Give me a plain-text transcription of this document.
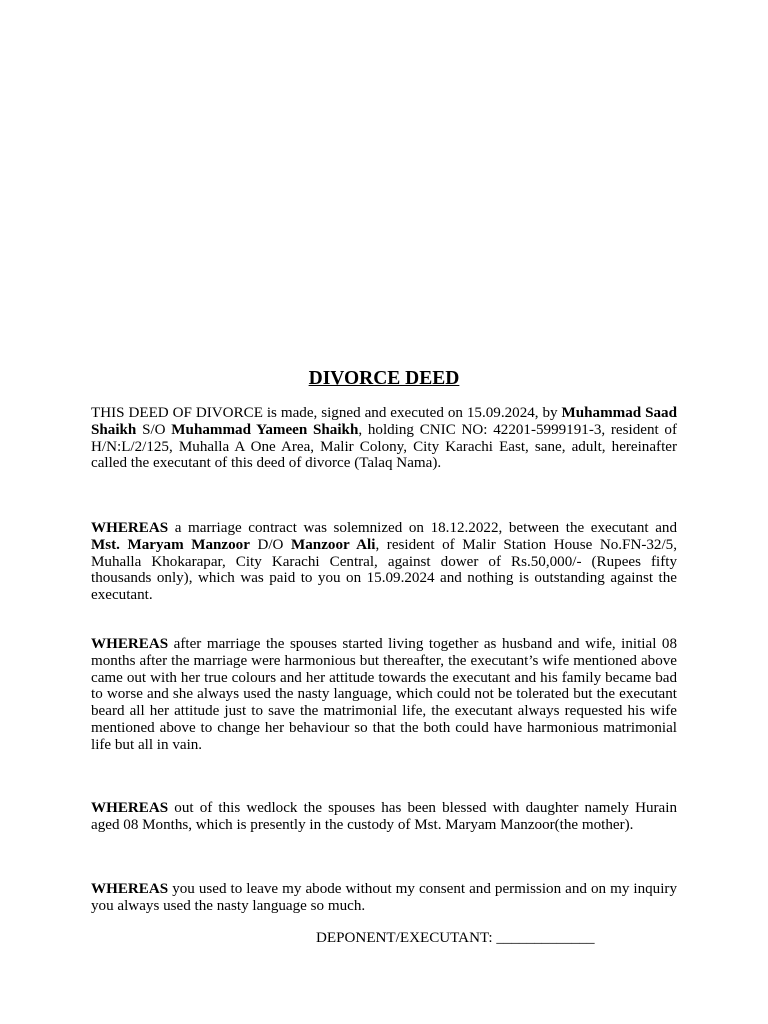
DIVORCE DEED

THIS DEED OF DIVORCE is made, signed and executed on 15.09.2024, by Muhammad Saad Shaikh S/O Muhammad Yameen Shaikh, holding CNIC NO: 42201-5999191-3, resident of H/N:L/2/125, Muhalla A One Area, Malir Colony, City Karachi East, sane, adult, hereinafter called the executant of this deed of divorce (Talaq Nama).

WHEREAS a marriage contract was solemnized on 18.12.2022, between the executant and Mst. Maryam Manzoor D/O Manzoor Ali, resident of Malir Station House No.FN-32/5, Muhalla Khokarapar, City Karachi Central, against dower of Rs.50,000/- (Rupees fifty thousands only), which was paid to you on 15.09.2024 and nothing is outstanding against the executant.

WHEREAS after marriage the spouses started living together as husband and wife, initial 08 months after the marriage were harmonious but thereafter, the executant’s wife mentioned above came out with her true colours and her attitude towards the executant and his family became bad to worse and she always used the nasty language, which could not be tolerated but the executant beard all her attitude just to save the matrimonial life, the executant always requested his wife mentioned above to change her behaviour so that the both could have harmonious matrimonial life but all in vain.

WHEREAS out of this wedlock the spouses has been blessed with daughter namely Hurain aged 08 Months, which is presently in the custody of Mst. Maryam Manzoor(the mother).

WHEREAS you used to leave my abode without my consent and permission and on my inquiry you always used the nasty language so much.

DEPONENT/EXECUTANT: _____________
